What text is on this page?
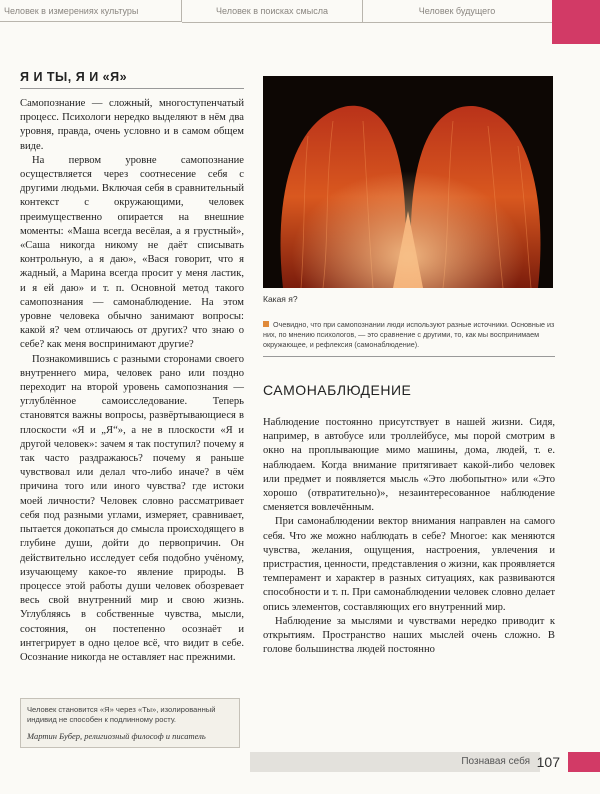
Человек в измерениях культуры	Человек в поисках смысла	Человек будущего
Я И ТЫ, Я И «Я»

Самопознание — сложный, многоступенчатый процесс. Психологи нередко выделяют в нём два уровня, правда, очень условно и в самом общем виде.

На первом уровне самопознание осуществляется через соотнесение себя с другими людьми. Включая себя в сравнительный контекст с окружающими, человек преимущественно опирается на внешние моменты: «Маша всегда весёлая, а я грустный», «Саша никогда никому не даёт списывать контрольную, а я даю», «Вася говорит, что я жадный, а Марина всегда просит у меня ластик, и я ей даю» и т. п. Основной метод такого самопознания — самонаблюдение. На этом уровне человека обычно занимают вопросы: какой я? чем отличаюсь от других? что знаю о себе? как меня воспринимают другие?

Познакомившись с разными сторонами своего внутреннего мира, человек рано или поздно переходит на второй уровень самопознания — углублённое самоисследование. Теперь становятся важны вопросы, развёртывающиеся в плоскости «Я и „Я“», а не в плоскости «Я и другой человек»: зачем я так поступил? почему я так часто раздражаюсь? почему я раньше чувствовал или делал что-либо иначе? в чём причина того или иного чувства? где истоки моей личности? Человек словно рассматривает себя под разными углами, измеряет, сравнивает, пытается докопаться до смысла происходящего в глубине души, дойти до первопричин. Он действительно исследует себя подобно учёному, изучающему какое-то явление природы. В процессе этой работы души человек обозревает весь свой внутренний мир и свою жизнь. Углубляясь в собственные чувства, мысли, состояния, он постепенно осознаёт и интегрирует в одно целое всё, что видит в себе. Осознание никогда не оставляет нас прежними.

Человек становится «Я» через «Ты», изолированный индивид не способен к подлинному росту.
Мартин Бубер, религиозный философ и писатель
Какая я?
Очевидно, что при самопознании люди используют разные источники. Основные из них, по мнению психологов, — это сравнение с другими, то, как мы воспринимаем окружающее, и рефлексия (самонаблюдение).
САМОНАБЛЮДЕНИЕ

Наблюдение постоянно присутствует в нашей жизни. Сидя, например, в автобусе или троллейбусе, мы порой смотрим в окно на проплывающие мимо машины, дома, людей, т. е. наблюдаем. Когда внимание притягивает какой-либо человек или предмет и появляется мысль «Это любопытно» или «Это хорошо (отвратительно)», незаинтересованное наблюдение сменяется вовлечённым.

При самонаблюдении вектор внимания направлен на самого себя. Что же можно наблюдать в себе? Многое: как меняются чувства, желания, ощущения, настроения, увлечения и пристрастия, ценности, представления о жизни, как проявляется темперамент и характер в разных ситуациях, как развиваются способности и т. п. При самонаблюдении человек словно делает опись элементов, составляющих его внутренний мир.

Наблюдение за мыслями и чувствами нередко приводит к открытиям. Пространство наших мыслей очень сложно. В голове большинства людей постоянно

Познавая себя 107
